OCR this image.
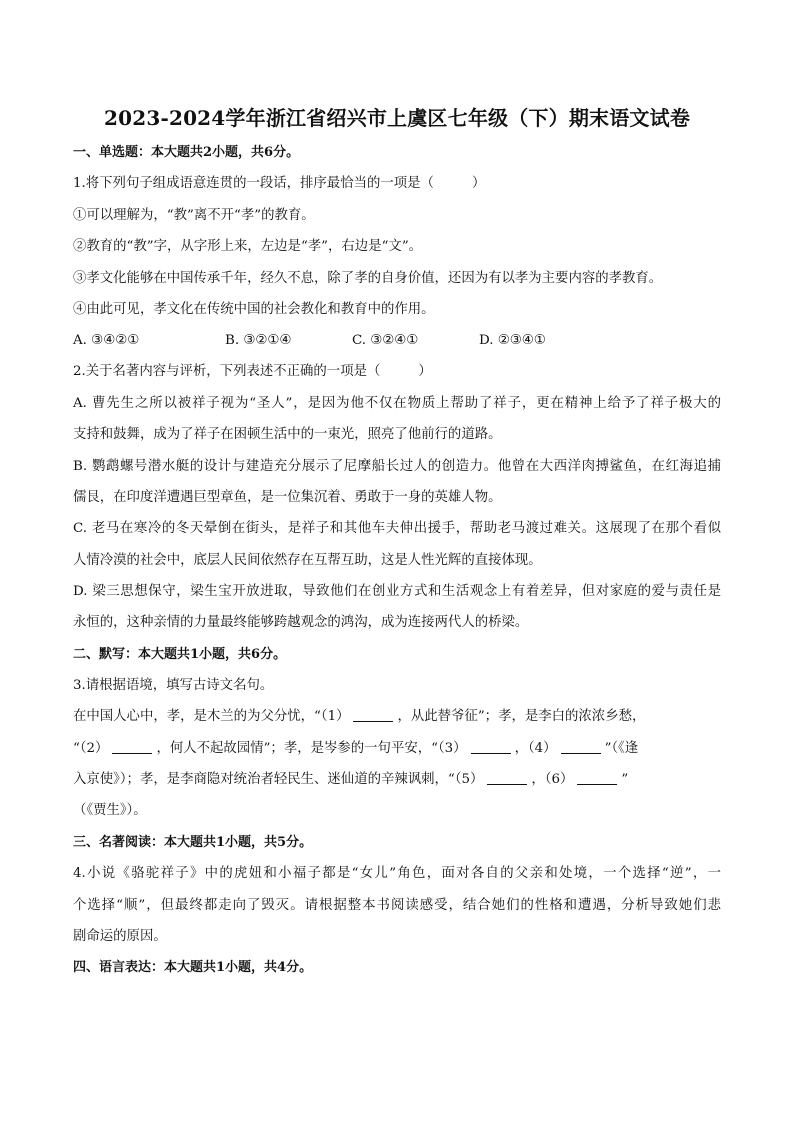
2023-2024学年浙江省绍兴市上虞区七年级（下）期末语文试卷
一、单选题：本大题共2小题，共6分。
1.将下列句子组成语意连贯的一段话，排序最恰当的一项是（	）
①可以理解为，“教”离不开“孝”的教育。
②教育的“教”字，从字形上来，左边是“孝”，右边是“文”。
③孝文化能够在中国传承千年，经久不息，除了孝的自身价值，还因为有以孝为主要内容的孝教育。
④由此可见，孝文化在传统中国的社会教化和教育中的作用。
A. ③④②①	B. ③②①④	C. ③②④①	D. ②③④①
2.关于名著内容与评析，下列表述不正确的一项是（	）
A. 曹先生之所以被祥子视为“圣人”，是因为他不仅在物质上帮助了祥子，更在精神上给予了祥子极大的
支持和鼓舞，成为了祥子在困顿生活中的一束光，照亮了他前行的道路。
B. 鹦鹉螺号潜水艇的设计与建造充分展示了尼摩船长过人的创造力。他曾在大西洋肉搏鲨鱼，在红海追捕
儒艮，在印度洋遭遇巨型章鱼，是一位集沉着、勇敢于一身的英雄人物。
C. 老马在寒冷的冬天晕倒在街头，是祥子和其他车夫伸出援手，帮助老马渡过难关。这展现了在那个看似
人情冷漠的社会中，底层人民间依然存在互帮互助，这是人性光辉的直接体现。
D. 梁三思想保守，梁生宝开放进取，导致他们在创业方式和生活观念上有着差异，但对家庭的爱与责任是
永恒的，这种亲情的力量最终能够跨越观念的鸿沟，成为连接两代人的桥梁。
二、默写：本大题共1小题，共6分。
3.请根据语境，填写古诗文名句。
在中国人心中，孝，是木兰的为父分忧，“（1）	，从此替爷征”；孝，是李白的浓浓乡愁，
“（2）	，何人不起故园情”；孝，是岑参的一句平安，“（3）	，（4）	”（《逢
入京使》）；孝，是李商隐对统治者轻民生、迷仙道的辛辣讽刺，“（5）	，（6）	”
（《贾生》）。
三、名著阅读：本大题共1小题，共5分。
4.小说《骆驼祥子》中的虎妞和小福子都是“女儿”角色，面对各自的父亲和处境，一个选择“逆”，一
个选择“顺”，但最终都走向了毁灭。请根据整本书阅读感受，结合她们的性格和遭遇，分析导致她们悲
剧命运的原因。
四、语言表达：本大题共1小题，共4分。
